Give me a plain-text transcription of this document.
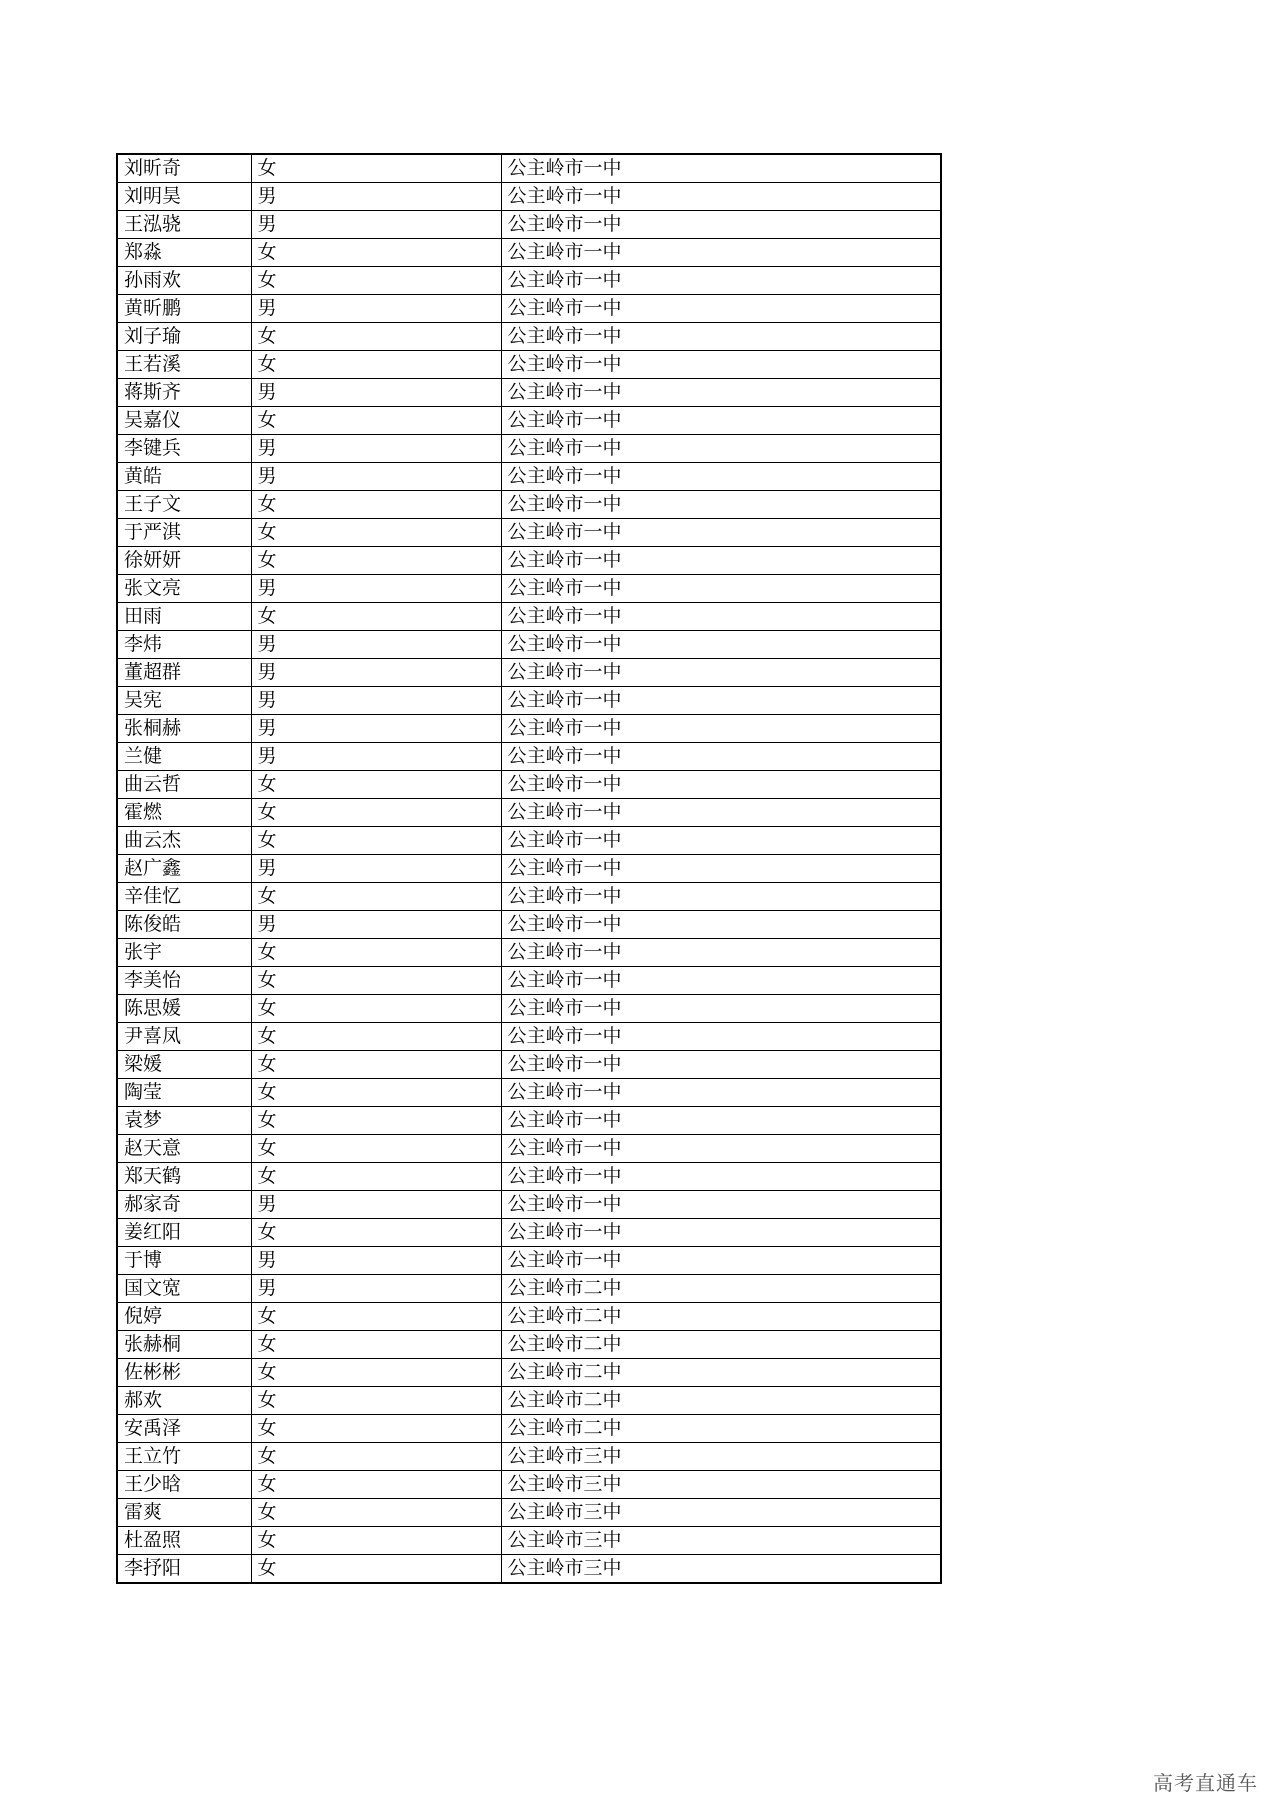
刘昕奇	女	公主岭市一中
刘明昊	男	公主岭市一中
王泓骁	男	公主岭市一中
郑淼	女	公主岭市一中
孙雨欢	女	公主岭市一中
黄昕鹏	男	公主岭市一中
刘子瑜	女	公主岭市一中
王若溪	女	公主岭市一中
蒋斯齐	男	公主岭市一中
吴嘉仪	女	公主岭市一中
李键兵	男	公主岭市一中
黄皓	男	公主岭市一中
王子文	女	公主岭市一中
于严淇	女	公主岭市一中
徐妍妍	女	公主岭市一中
张文亮	男	公主岭市一中
田雨	女	公主岭市一中
李炜	男	公主岭市一中
董超群	男	公主岭市一中
吴宪	男	公主岭市一中
张桐赫	男	公主岭市一中
兰健	男	公主岭市一中
曲云哲	女	公主岭市一中
霍燃	女	公主岭市一中
曲云杰	女	公主岭市一中
赵广鑫	男	公主岭市一中
辛佳忆	女	公主岭市一中
陈俊皓	男	公主岭市一中
张宇	女	公主岭市一中
李美怡	女	公主岭市一中
陈思媛	女	公主岭市一中
尹喜凤	女	公主岭市一中
梁媛	女	公主岭市一中
陶莹	女	公主岭市一中
袁梦	女	公主岭市一中
赵天意	女	公主岭市一中
郑天鹤	女	公主岭市一中
郝家奇	男	公主岭市一中
姜红阳	女	公主岭市一中
于博	男	公主岭市一中
国文宽	男	公主岭市二中
倪婷	女	公主岭市二中
张赫桐	女	公主岭市二中
佐彬彬	女	公主岭市二中
郝欢	女	公主岭市二中
安禹泽	女	公主岭市二中
王立竹	女	公主岭市三中
王少晗	女	公主岭市三中
雷爽	女	公主岭市三中
杜盈照	女	公主岭市三中
李抒阳	女	公主岭市三中
高考直通车
